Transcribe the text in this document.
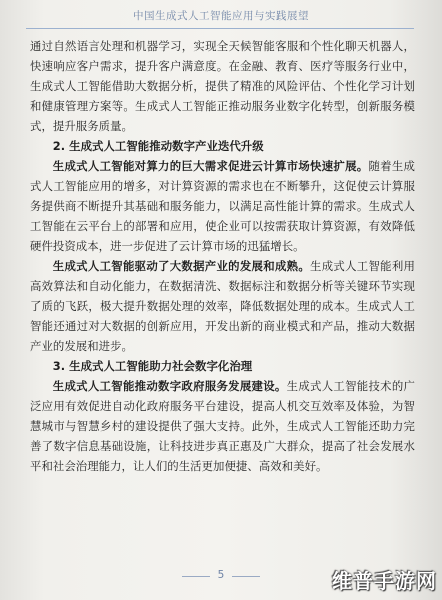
中国生成式人工智能应用与实践展望

通过自然语言处理和机器学习，实现全天候智能客服和个性化聊天机器人，快速响应客户需求，提升客户满意度。在金融、教育、医疗等服务行业中，生成式人工智能借助大数据分析，提供了精准的风险评估、个性化学习计划和健康管理方案等。生成式人工智能正推动服务业数字化转型，创新服务模式，提升服务质量。

2. 生成式人工智能推动数字产业迭代升级

生成式人工智能对算力的巨大需求促进云计算市场快速扩展。随着生成式人工智能应用的增多，对计算资源的需求也在不断攀升，这促使云计算服务提供商不断提升其基础和服务能力，以满足高性能计算的需求。生成式人工智能在云平台上的部署和应用，使企业可以按需获取计算资源，有效降低硬件投资成本，进一步促进了云计算市场的迅猛增长。

生成式人工智能驱动了大数据产业的发展和成熟。生成式人工智能利用高效算法和自动化能力，在数据清洗、数据标注和数据分析等关键环节实现了质的飞跃，极大提升数据处理的效率，降低数据处理的成本。生成式人工智能还通过对大数据的创新应用，开发出新的商业模式和产品，推动大数据产业的发展和进步。

3. 生成式人工智能助力社会数字化治理

生成式人工智能推动数字政府服务发展建设。生成式人工智能技术的广泛应用有效促进自动化政府服务平台建设，提高人机交互效率及体验，为智慧城市与智慧乡村的建设提供了强大支持。此外，生成式人工智能还助力完善了数字信息基础设施，让科技进步真正惠及广大群众，提高了社会发展水平和社会治理能力，让人们的生活更加便捷、高效和美好。

5	维普手游网
